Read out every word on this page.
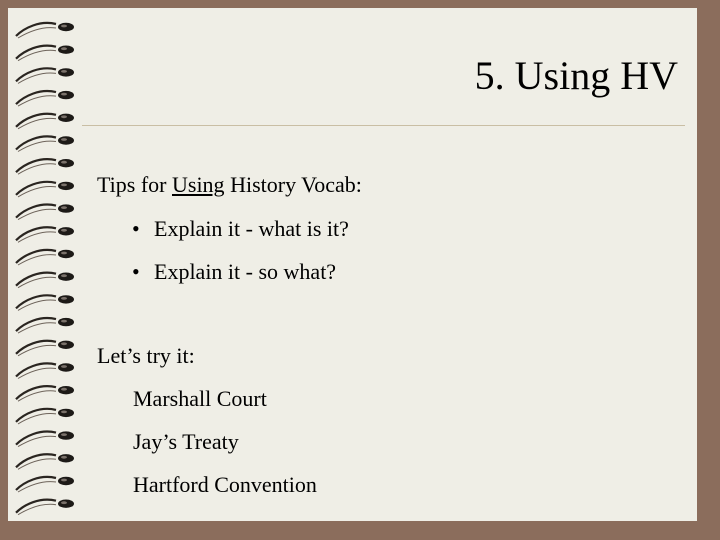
5. Using HV
Tips for Using History Vocab:
• Explain it - what is it?
• Explain it - so what?
Let’s try it:
Marshall Court
Jay’s Treaty
Hartford Convention
